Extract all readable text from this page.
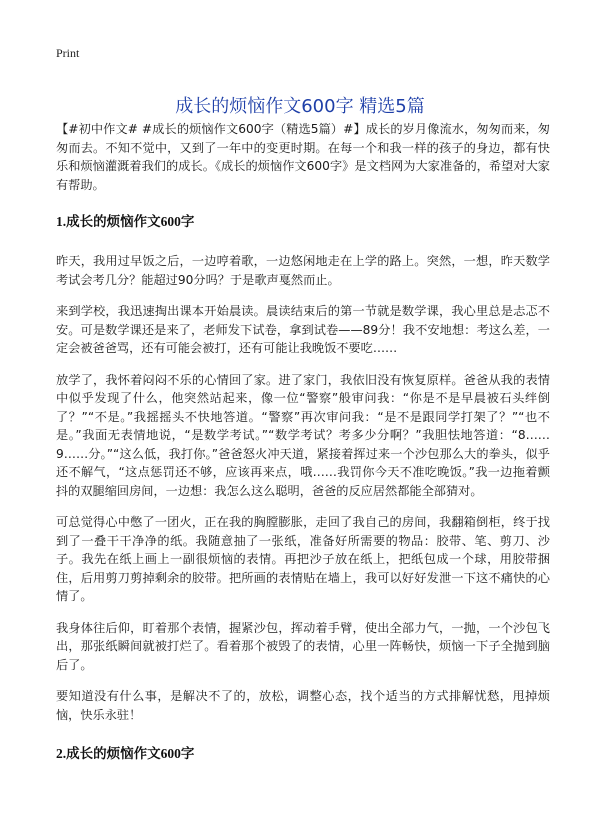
Print
成长的烦恼作文600字 精选5篇

【#初中作文# #成长的烦恼作文600字（精选5篇）#】成长的岁月像流水，匆匆而来，匆匆而去。不知不觉中，又到了一年中的变更时期。在每一个和我一样的孩子的身边，都有快乐和烦恼灌溉着我们的成长。《成长的烦恼作文600字》是文档网为大家准备的，希望对大家有帮助。

1.成长的烦恼作文600字

昨天，我用过早饭之后，一边哼着歌，一边悠闲地走在上学的路上。突然，一想，昨天数学考试会考几分？能超过90分吗？于是歌声戛然而止。

来到学校，我迅速掏出课本开始晨读。晨读结束后的第一节就是数学课，我心里总是忐忑不安。可是数学课还是来了，老师发下试卷，拿到试卷——89分！我不安地想：考这么差，一定会被爸爸骂，还有可能会被打，还有可能让我晚饭不要吃……

放学了，我怀着闷闷不乐的心情回了家。进了家门，我依旧没有恢复原样。爸爸从我的表情中似乎发现了什么，他突然站起来，像一位“警察”般审问我：“你是不是早晨被石头绊倒了？”“不是。”我摇摇头不快地答道。“警察”再次审问我：“是不是跟同学打架了？”“也不是。”我面无表情地说，“是数学考试。”“数学考试？考多少分啊？”我胆怯地答道：“8……9……分。”“这么低，我打你。”爸爸怒火冲天道，紧接着挥过来一个沙包那么大的拳头，似乎还不解气，“这点惩罚还不够，应该再来点，哦……我罚你今天不准吃晚饭。”我一边拖着颤抖的双腿缩回房间，一边想：我怎么这么聪明，爸爸的反应居然都能全部猜对。

可总觉得心中憋了一团火，正在我的胸膛膨胀，走回了我自己的房间，我翻箱倒柜，终于找到了一叠干干净净的纸。我随意抽了一张纸，准备好所需要的物品：胶带、笔、剪刀、沙子。我先在纸上画上一副很烦恼的表情。再把沙子放在纸上，把纸包成一个球，用胶带捆住，后用剪刀剪掉剩余的胶带。把所画的表情贴在墙上，我可以好好发泄一下这不痛快的心情了。

我身体往后仰，盯着那个表情，握紧沙包，挥动着手臂，使出全部力气，一抛，一个沙包飞出，那张纸瞬间就被打烂了。看着那个被毁了的表情，心里一阵畅快，烦恼一下子全抛到脑后了。

要知道没有什么事，是解决不了的，放松，调整心态，找个适当的方式排解忧愁，甩掉烦恼，快乐永驻！

2.成长的烦恼作文600字
